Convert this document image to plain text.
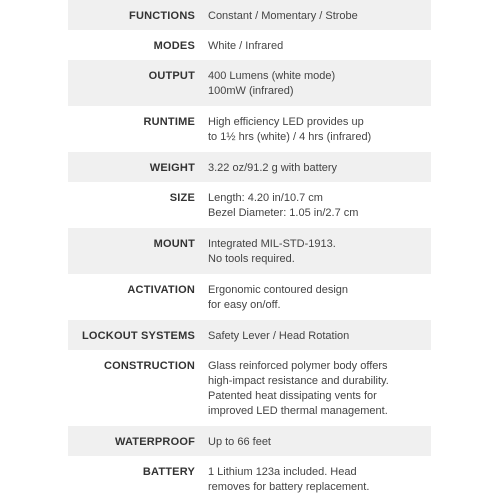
FUNCTIONS Constant / Momentary / Strobe
MODES White / Infrared
OUTPUT 400 Lumens (white mode)
100mW (infrared)
RUNTIME High efficiency LED provides up
to 1½ hrs (white) / 4 hrs (infrared)
WEIGHT 3.22 oz/91.2 g with battery
SIZE Length: 4.20 in/10.7 cm
Bezel Diameter: 1.05 in/2.7 cm
MOUNT Integrated MIL-STD-1913.
No tools required.
ACTIVATION Ergonomic contoured design
for easy on/off.
LOCKOUT SYSTEMS Safety Lever / Head Rotation
CONSTRUCTION Glass reinforced polymer body offers
high-impact resistance and durability.
Patented heat dissipating vents for
improved LED thermal management.
WATERPROOF Up to 66 feet
BATTERY 1 Lithium 123a included. Head
removes for battery replacement.
